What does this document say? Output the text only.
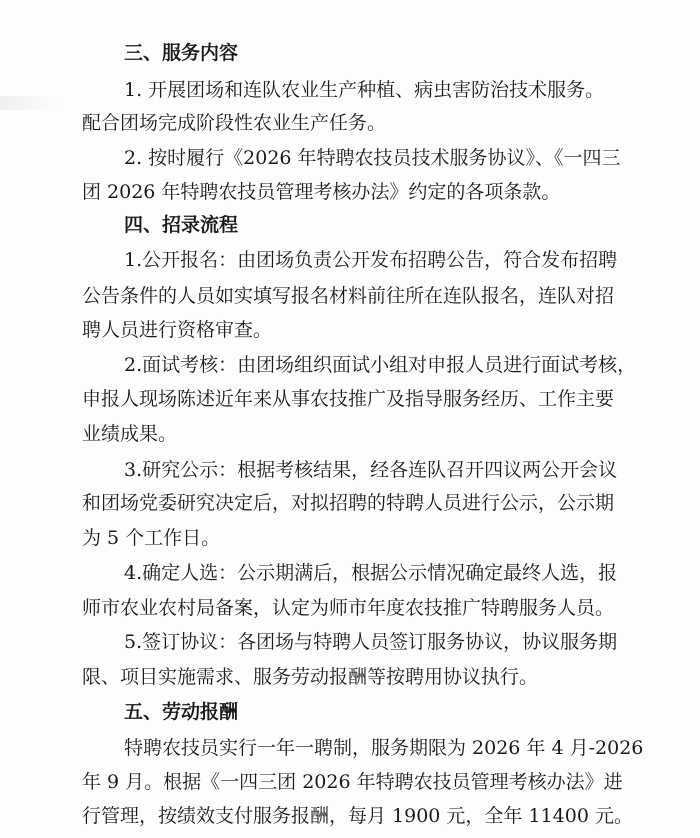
三、服务内容
1. 开展团场和连队农业生产种植、病虫害防治技术服务。
配合团场完成阶段性农业生产任务。
2. 按时履行《2026 年特聘农技员技术服务协议》、《一四三
团 2026 年特聘农技员管理考核办法》约定的各项条款。
四、招录流程
1.公开报名：由团场负责公开发布招聘公告，符合发布招聘
公告条件的人员如实填写报名材料前往所在连队报名，连队对招
聘人员进行资格审查。
2.面试考核：由团场组织面试小组对申报人员进行面试考核，
申报人现场陈述近年来从事农技推广及指导服务经历、工作主要
业绩成果。
3.研究公示：根据考核结果，经各连队召开四议两公开会议
和团场党委研究决定后，对拟招聘的特聘人员进行公示，公示期
为 5 个工作日。
4.确定人选：公示期满后，根据公示情况确定最终人选，报
师市农业农村局备案，认定为师市年度农技推广特聘服务人员。
5.签订协议：各团场与特聘人员签订服务协议，协议服务期
限、项目实施需求、服务劳动报酬等按聘用协议执行。
五、劳动报酬
特聘农技员实行一年一聘制，服务期限为 2026 年 4 月-2026
年 9 月。根据《一四三团 2026 年特聘农技员管理考核办法》进
行管理，按绩效支付服务报酬，每月 1900 元，全年 11400 元。
